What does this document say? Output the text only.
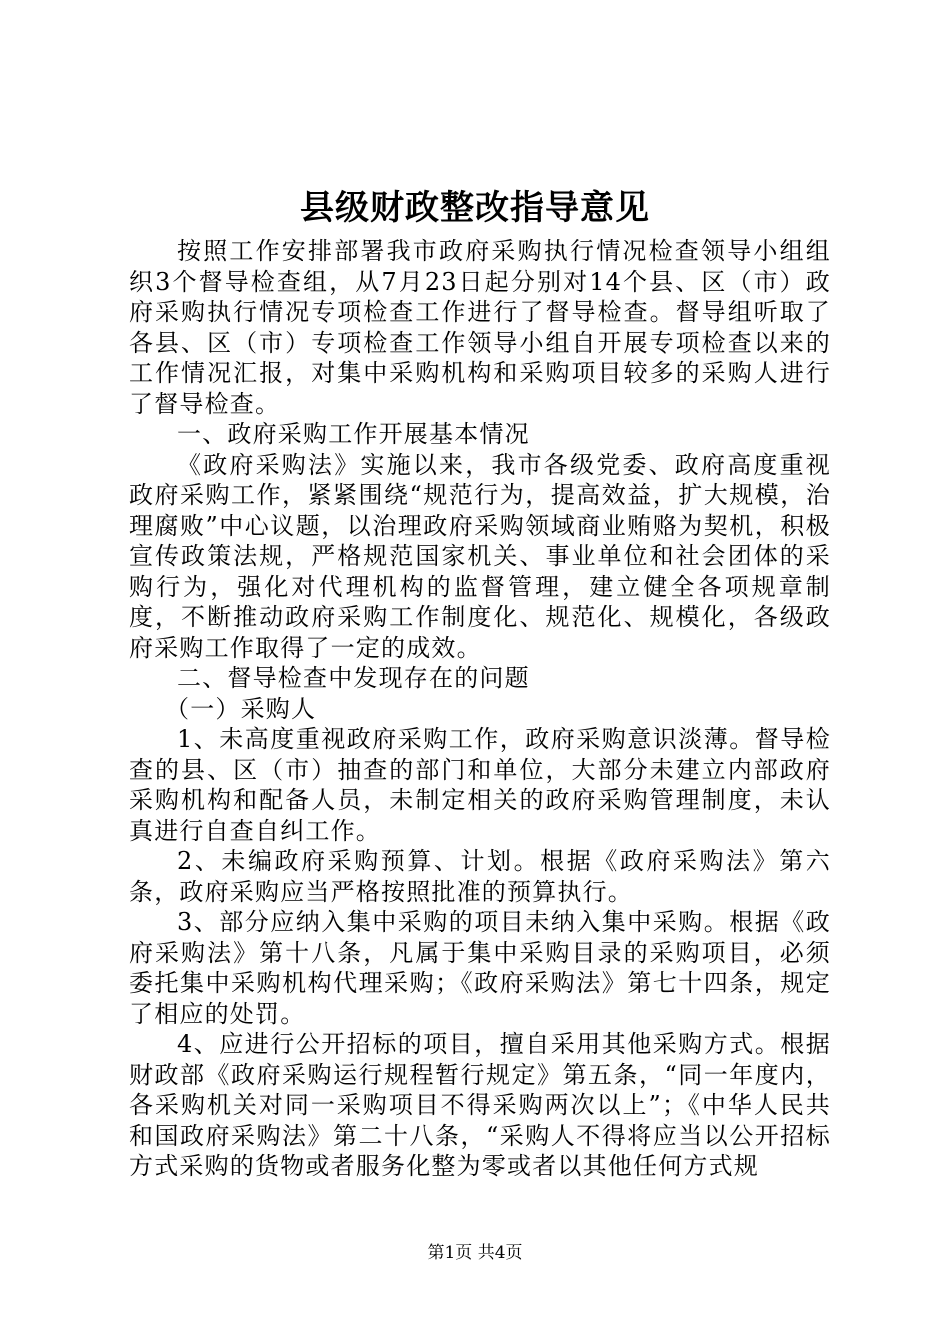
县级财政整改指导意见

按照工作安排部署我市政府采购执行情况检查领导小组组织3个督导检查组，从7月23日起分别对14个县、区（市）政府采购执行情况专项检查工作进行了督导检查。督导组听取了各县、区（市）专项检查工作领导小组自开展专项检查以来的工作情况汇报，对集中采购机构和采购项目较多的采购人进行了督导检查。

一、政府采购工作开展基本情况

《政府采购法》实施以来，我市各级党委、政府高度重视政府采购工作，紧紧围绕“规范行为，提高效益，扩大规模，治理腐败”中心议题，以治理政府采购领域商业贿赂为契机，积极宣传政策法规，严格规范国家机关、事业单位和社会团体的采购行为，强化对代理机构的监督管理，建立健全各项规章制度，不断推动政府采购工作制度化、规范化、规模化，各级政府采购工作取得了一定的成效。

二、督导检查中发现存在的问题

（一）采购人

1、未高度重视政府采购工作，政府采购意识淡薄。督导检查的县、区（市）抽查的部门和单位，大部分未建立内部政府采购机构和配备人员，未制定相关的政府采购管理制度，未认真进行自查自纠工作。

2、未编政府采购预算、计划。根据《政府采购法》第六条，政府采购应当严格按照批准的预算执行。

3、部分应纳入集中采购的项目未纳入集中采购。根据《政府采购法》第十八条，凡属于集中采购目录的采购项目，必须委托集中采购机构代理采购；《政府采购法》第七十四条，规定了相应的处罚。

4、应进行公开招标的项目，擅自采用其他采购方式。根据财政部《政府采购运行规程暂行规定》第五条，“同一年度内，各采购机关对同一采购项目不得采购两次以上”；《中华人民共和国政府采购法》第二十八条，“采购人不得将应当以公开招标方式采购的货物或者服务化整为零或者以其他任何方式规

第1页 共4页
